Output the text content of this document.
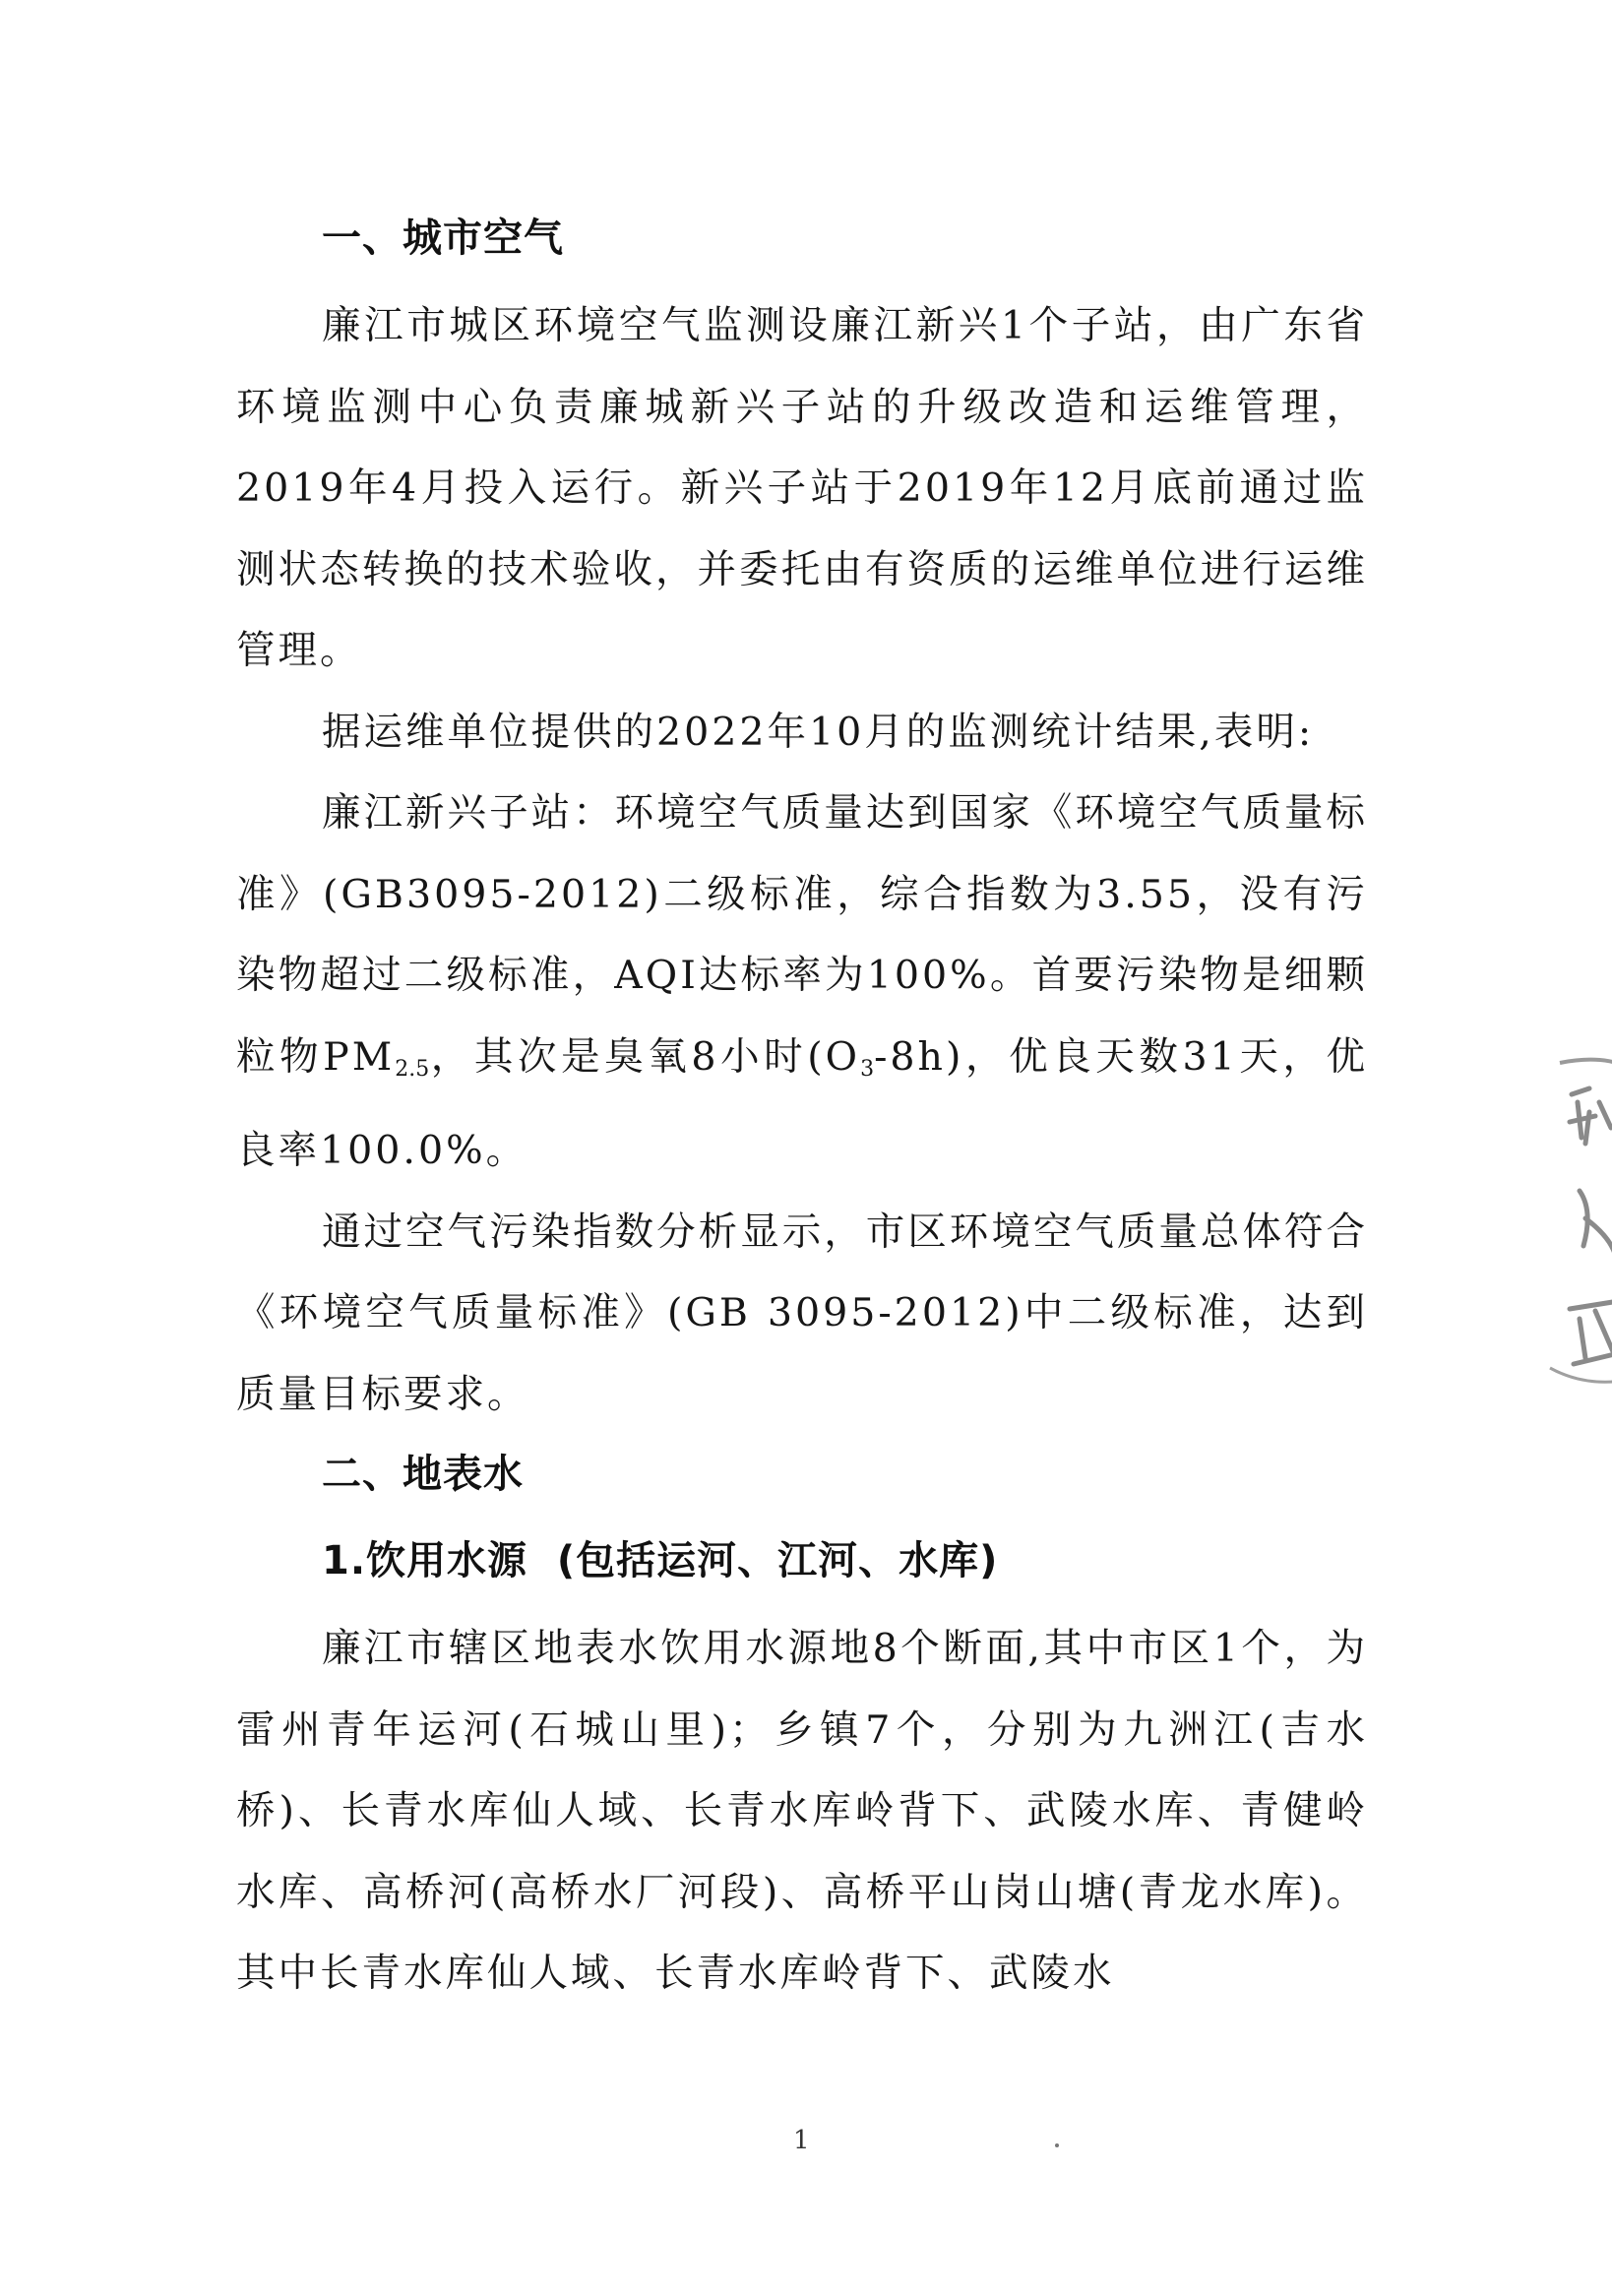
一、城市空气

廉江市城区环境空气监测设廉江新兴1个子站，由广东省环境监测中心负责廉城新兴子站的升级改造和运维管理，2019年4月投入运行。新兴子站于2019年12月底前通过监测状态转换的技术验收，并委托由有资质的运维单位进行运维管理。

据运维单位提供的2022年10月的监测统计结果,表明:

廉江新兴子站：环境空气质量达到国家《环境空气质量标准》(GB3095-2012)二级标准，综合指数为3.55，没有污染物超过二级标准，AQI达标率为100%。首要污染物是细颗粒物$PM_{2.5}$，其次是臭氧8小时$(O_3-8h)$，优良天数31天，优良率100.0%。

通过空气污染指数分析显示，市区环境空气质量总体符合《环境空气质量标准》(GB 3095-2012)中二级标准，达到质量目标要求。

二、地表水
1.饮用水源  (包括运河、江河、水库)

廉江市辖区地表水饮用水源地8个断面,其中市区1个，为雷州青年运河(石城山里)；乡镇7个，分别为九洲江(吉水桥)、长青水库仙人域、长青水库岭背下、武陵水库、青健岭水库、高桥河(高桥水厂河段)、高桥平山岗山塘(青龙水库)。其中长青水库仙人域、长青水库岭背下、武陵水

1
